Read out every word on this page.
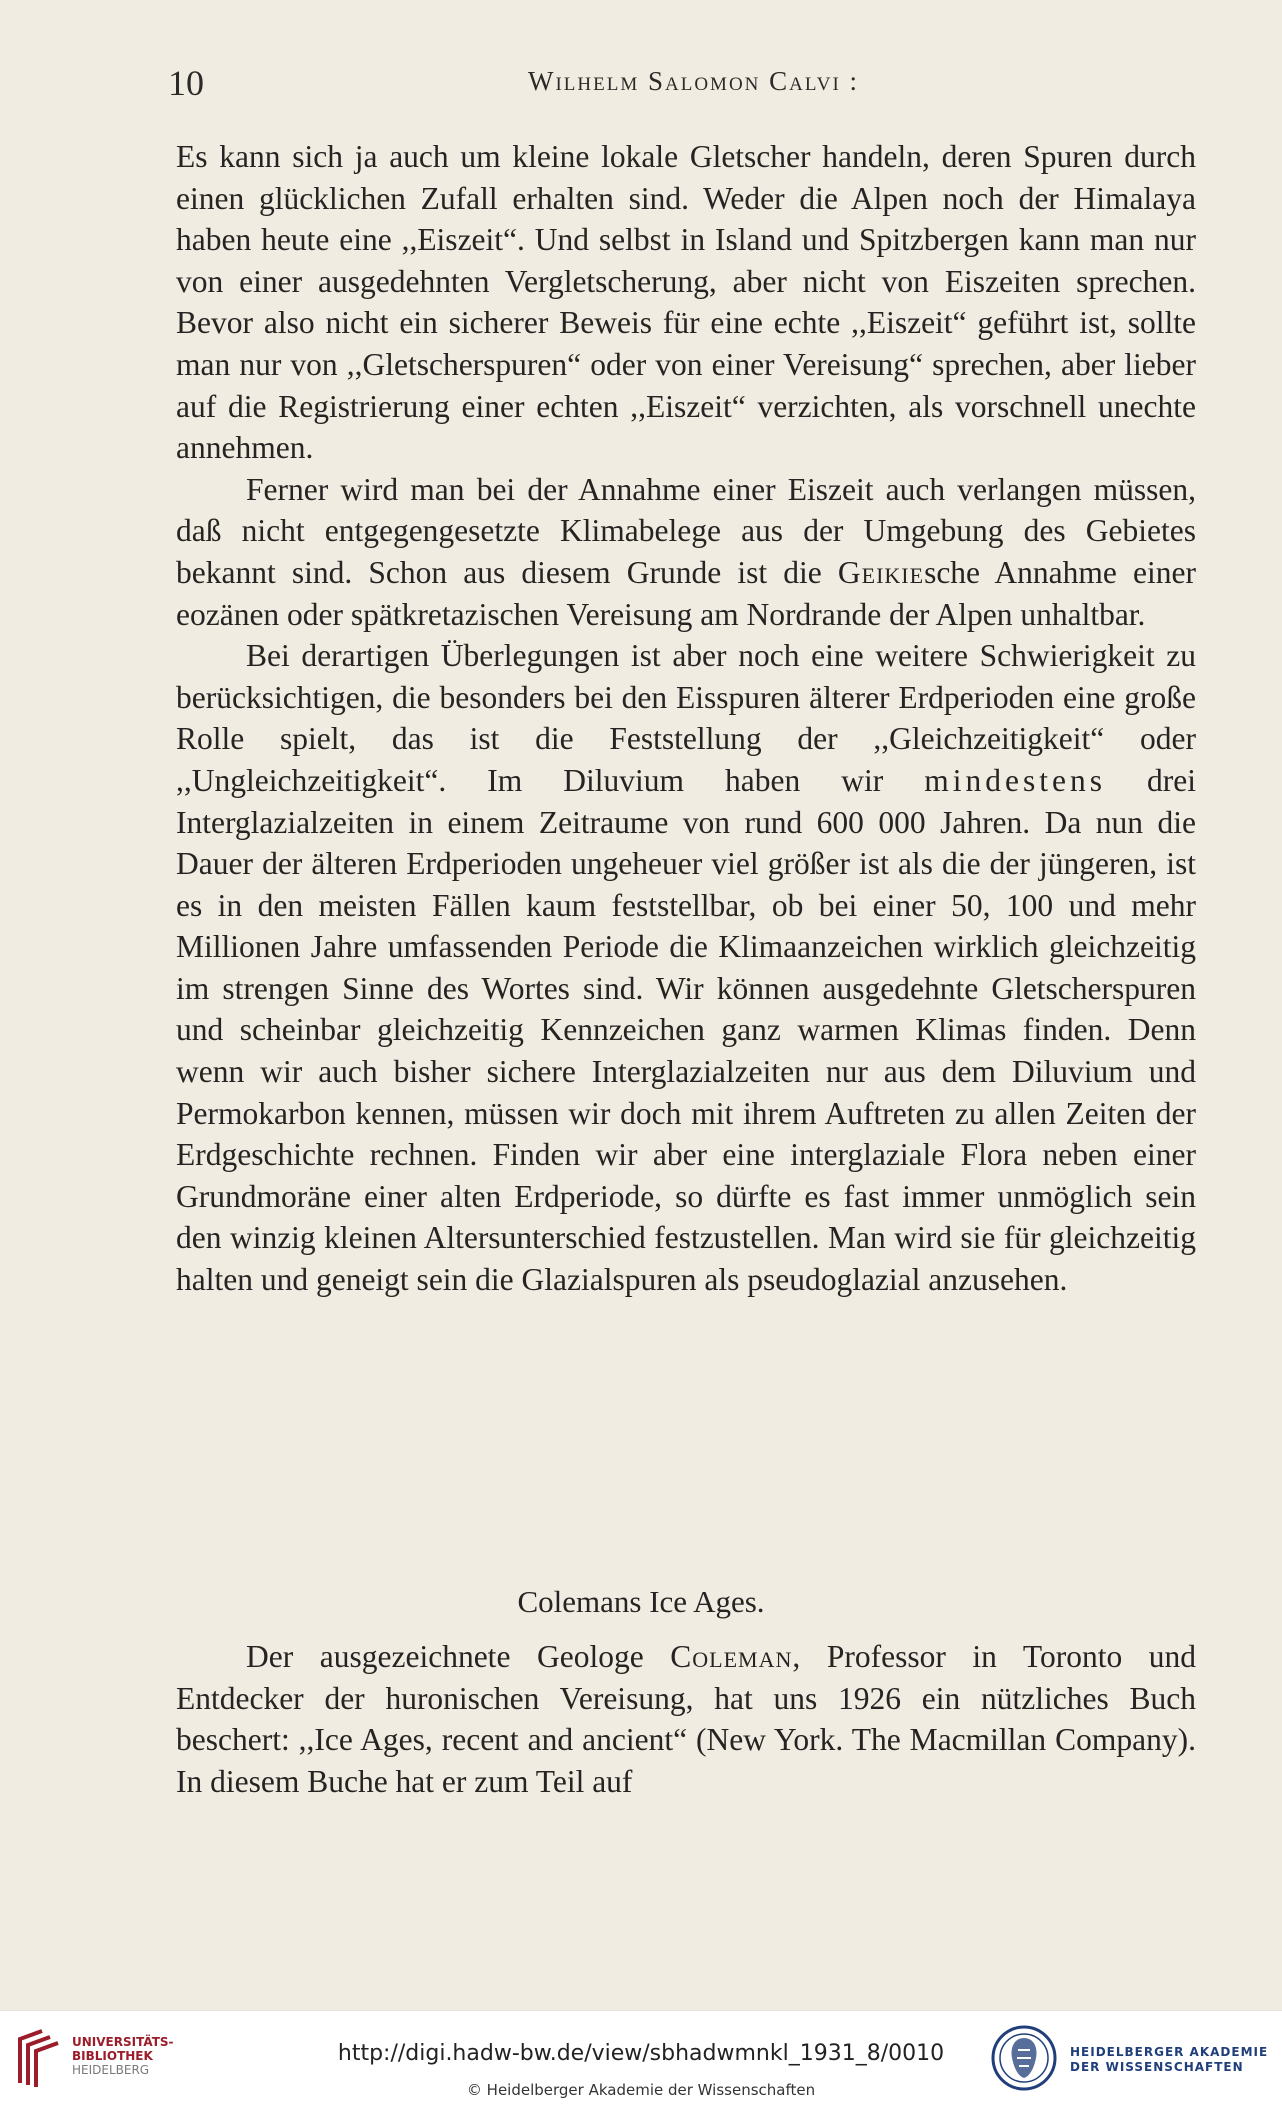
10	Wilhelm Salomon Calvi :

Es kann sich ja auch um kleine lokale Gletscher handeln, deren Spuren durch einen glücklichen Zufall erhalten sind. Weder die Alpen noch der Himalaya haben heute eine ,,Eiszeit“. Und selbst in Island und Spitzbergen kann man nur von einer ausgedehnten Vergletscherung, aber nicht von Eiszeiten sprechen. Bevor also nicht ein sicherer Beweis für eine echte ,,Eiszeit“ geführt ist, sollte man nur von ,,Gletscherspuren“ oder von einer Vereisung“ sprechen, aber lieber auf die Registrierung einer echten ,,Eiszeit“ verzichten, als vorschnell unechte annehmen.

Ferner wird man bei der Annahme einer Eiszeit auch verlangen müssen, daß nicht entgegengesetzte Klimabelege aus der Umgebung des Gebietes bekannt sind. Schon aus diesem Grunde ist die Geikiesche Annahme einer eozänen oder spätkretazischen Vereisung am Nordrande der Alpen unhaltbar.

Bei derartigen Überlegungen ist aber noch eine weitere Schwierigkeit zu berücksichtigen, die besonders bei den Eisspuren älterer Erdperioden eine große Rolle spielt, das ist die Feststellung der ,,Gleichzeitigkeit“ oder ,,Ungleichzeitigkeit“. Im Diluvium haben wir mindestens drei Interglazialzeiten in einem Zeitraume von rund 600 000 Jahren. Da nun die Dauer der älteren Erdperioden ungeheuer viel größer ist als die der jüngeren, ist es in den meisten Fällen kaum feststellbar, ob bei einer 50, 100 und mehr Millionen Jahre umfassenden Periode die Klimaanzeichen wirklich gleichzeitig im strengen Sinne des Wortes sind. Wir können ausgedehnte Gletscherspuren und scheinbar gleichzeitig Kennzeichen ganz warmen Klimas finden. Denn wenn wir auch bisher sichere Interglazialzeiten nur aus dem Diluvium und Permokarbon kennen, müssen wir doch mit ihrem Auftreten zu allen Zeiten der Erdgeschichte rechnen. Finden wir aber eine interglaziale Flora neben einer Grundmoräne einer alten Erdperiode, so dürfte es fast immer unmöglich sein den winzig kleinen Altersunterschied festzustellen. Man wird sie für gleichzeitig halten und geneigt sein die Glazialspuren als pseudoglazial anzusehen.

Colemans Ice Ages.

Der ausgezeichnete Geologe Coleman, Professor in Toronto und Entdecker der huronischen Vereisung, hat uns 1926 ein nützliches Buch beschert: ,,Ice Ages, recent and ancient“ (New York. The Macmillan Company). In diesem Buche hat er zum Teil auf

UNIVERSITÄTS-
BIBLIOTHEK
HEIDELBERG
http://digi.hadw-bw.de/view/sbhadwmnkl_1931_8/0010
© Heidelberger Akademie der Wissenschaften
HEIDELBERGER AKADEMIE
DER WISSENSCHAFTEN
